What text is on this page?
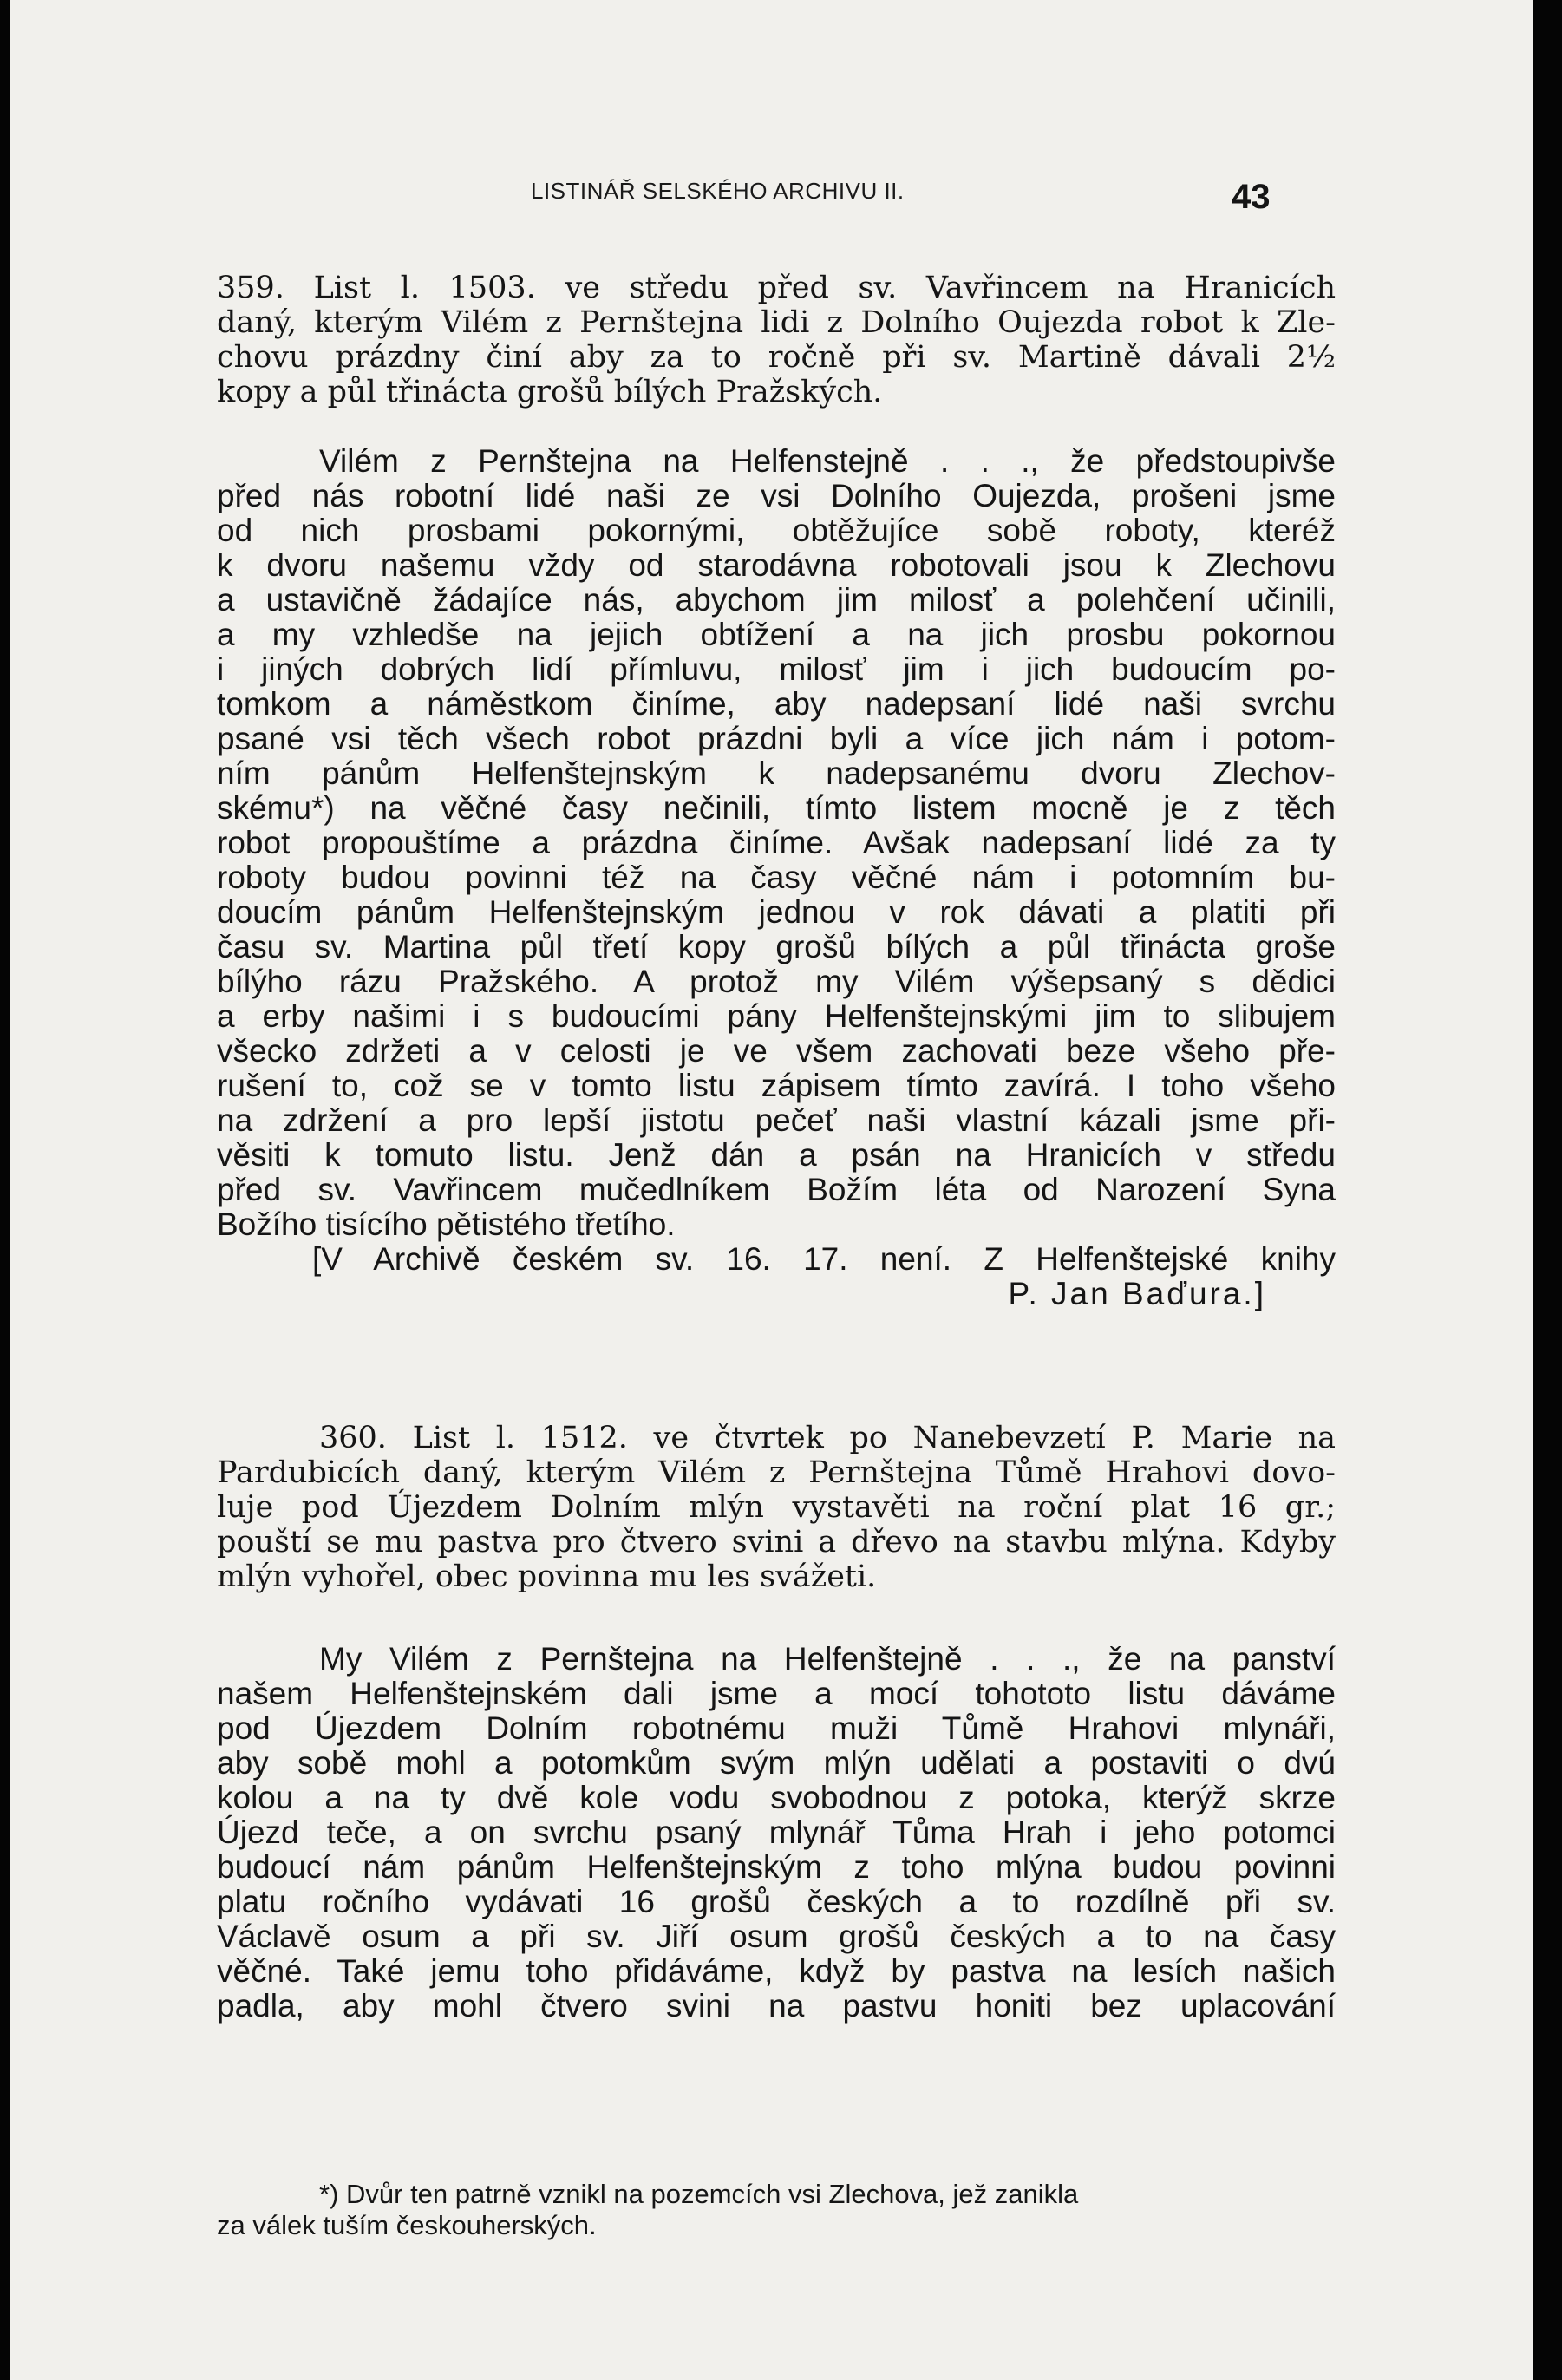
LISTINÁŘ SELSKÉHO ARCHIVU II.	43
359. List l. 1503. ve středu před sv. Vavřincem na Hranicích
daný, kterým Vilém z Pernštejna lidi z Dolního Oujezda robot k Zle-
chovu prázdny činí aby za to ročně při sv. Martině dávali 2½
kopy a půl třinácta grošů bílých Pražských.
Vilém z Pernštejna na Helfenstejně . . ., že předstoupivše
před nás robotní lidé naši ze vsi Dolního Oujezda, prošeni jsme
od nich prosbami pokornými, obtěžujíce sobě roboty, kteréž
k dvoru našemu vždy od starodávna robotovali jsou k Zlechovu
a ustavičně žádajíce nás, abychom jim milosť a polehčení učinili,
a my vzhledše na jejich obtížení a na jich prosbu pokornou
i jiných dobrých lidí přímluvu, milosť jim i jich budoucím po-
tomkom a náměstkom činíme, aby nadepsaní lidé naši svrchu
psané vsi těch všech robot prázdni byli a více jich nám i potom-
ním pánům Helfenštejnským k nadepsanému dvoru Zlechov-
skému*) na věčné časy nečinili, tímto listem mocně je z těch
robot propouštíme a prázdna činíme. Avšak nadepsaní lidé za ty
roboty budou povinni též na časy věčné nám i potomním bu-
doucím pánům Helfenštejnským jednou v rok dávati a platiti při
času sv. Martina půl třetí kopy grošů bílých a půl třinácta groše
bílýho rázu Pražského. A protož my Vilém výšepsaný s dědici
a erby našimi i s budoucími pány Helfenštejnskými jim to slibujem
všecko zdržeti a v celosti je ve všem zachovati beze všeho pře-
rušení to, což se v tomto listu zápisem tímto zavírá. I toho všeho
na zdržení a pro lepší jistotu pečeť naši vlastní kázali jsme při-
věsiti k tomuto listu. Jenž dán a psán na Hranicích v středu
před sv. Vavřincem mučedlníkem Božím léta od Narození Syna
Božího tisícího pětistého třetího.
[V Archivě českém sv. 16. 17. není. Z Helfenštejské knihy
P. Jan Baďura.]
360. List l. 1512. ve čtvrtek po Nanebevzetí P. Marie na
Pardubicích daný, kterým Vilém z Pernštejna Tůmě Hrahovi dovo-
luje pod Újezdem Dolním mlýn vystavěti na roční plat 16 gr.;
pouští se mu pastva pro čtvero svini a dřevo na stavbu mlýna. Kdyby
mlýn vyhořel, obec povinna mu les svážeti.
My Vilém z Pernštejna na Helfenštejně . . ., že na panství
našem Helfenštejnském dali jsme a mocí tohototo listu dáváme
pod Újezdem Dolním robotnému muži Tůmě Hrahovi mlynáři,
aby sobě mohl a potomkům svým mlýn udělati a postaviti o dvú
kolou a na ty dvě kole vodu svobodnou z potoka, kterýž skrze
Újezd teče, a on svrchu psaný mlynář Tůma Hrah i jeho potomci
budoucí nám pánům Helfenštejnským z toho mlýna budou povinni
platu ročního vydávati 16 grošů českých a to rozdílně při sv.
Václavě osum a při sv. Jiří osum grošů českých a to na časy
věčné. Také jemu toho přidáváme, když by pastva na lesích našich
padla, aby mohl čtvero svini na pastvu honiti bez uplacování
*) Dvůr ten patrně vznikl na pozemcích vsi Zlechova, jež zanikla
za válek tuším českouherských.
